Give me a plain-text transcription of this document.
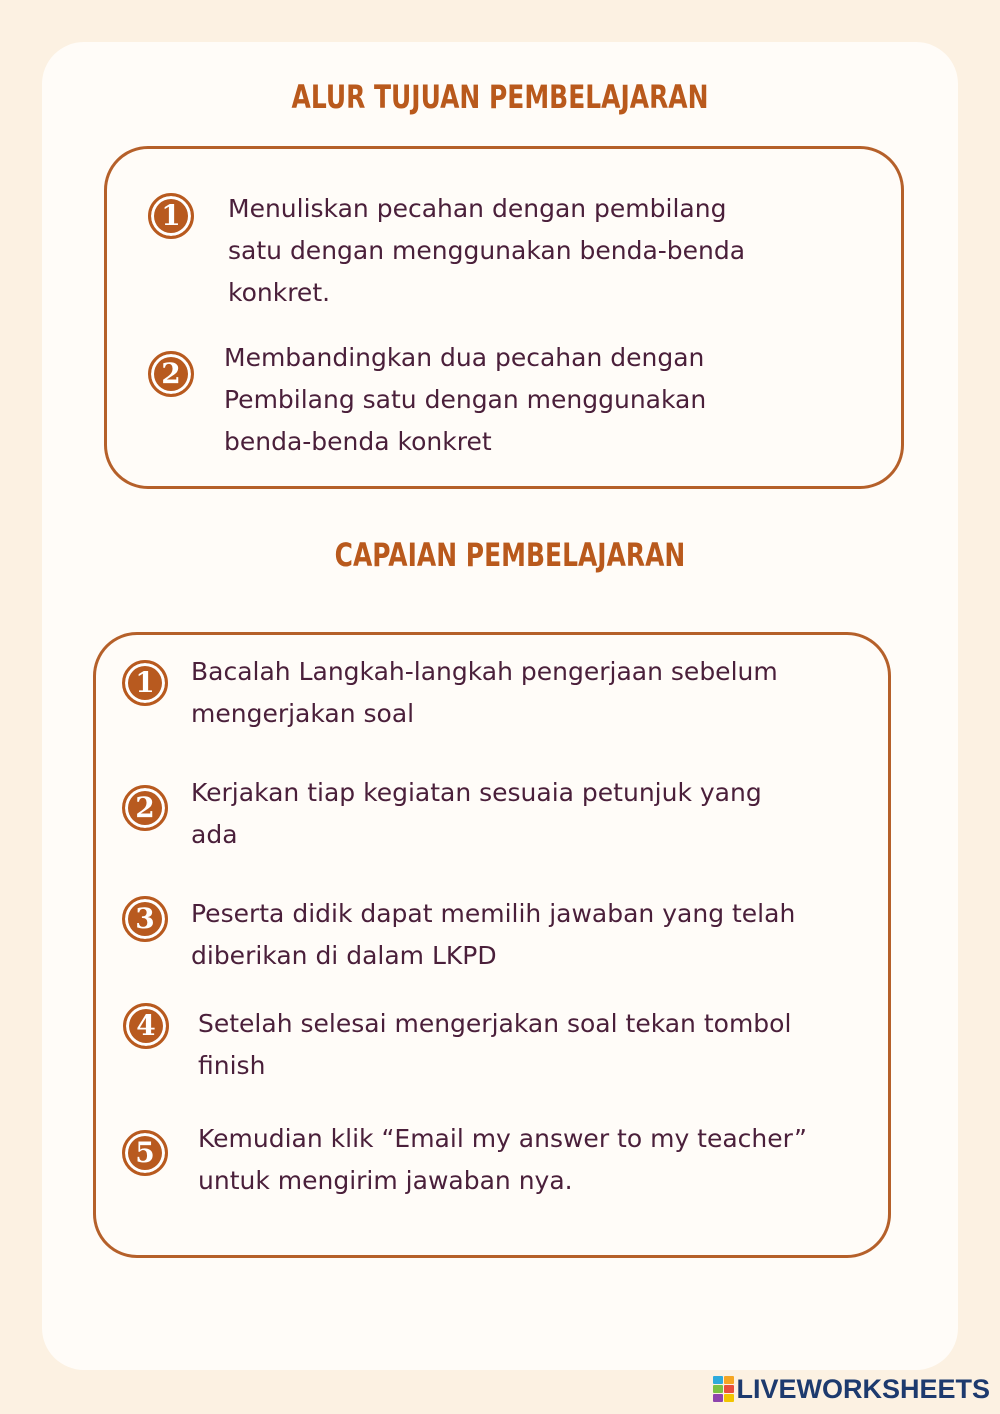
ALUR TUJUAN PEMBELAJARAN
1	Menuliskan pecahan dengan pembilang
satu dengan menggunakan benda-benda
konkret.

2	Membandingkan dua pecahan dengan
Pembilang satu dengan menggunakan
benda-benda konkret

CAPAIAN PEMBELAJARAN
1	Bacalah Langkah-langkah pengerjaan sebelum
mengerjakan soal

2	Kerjakan tiap kegiatan sesuaia petunjuk yang
ada

3	Peserta didik dapat memilih jawaban yang telah
diberikan di dalam LKPD

4	Setelah selesai mengerjakan soal tekan tombol
finish

5	Kemudian klik “Email my answer to my teacher”
untuk mengirim jawaban nya.

LIVEWORKSHEETS
